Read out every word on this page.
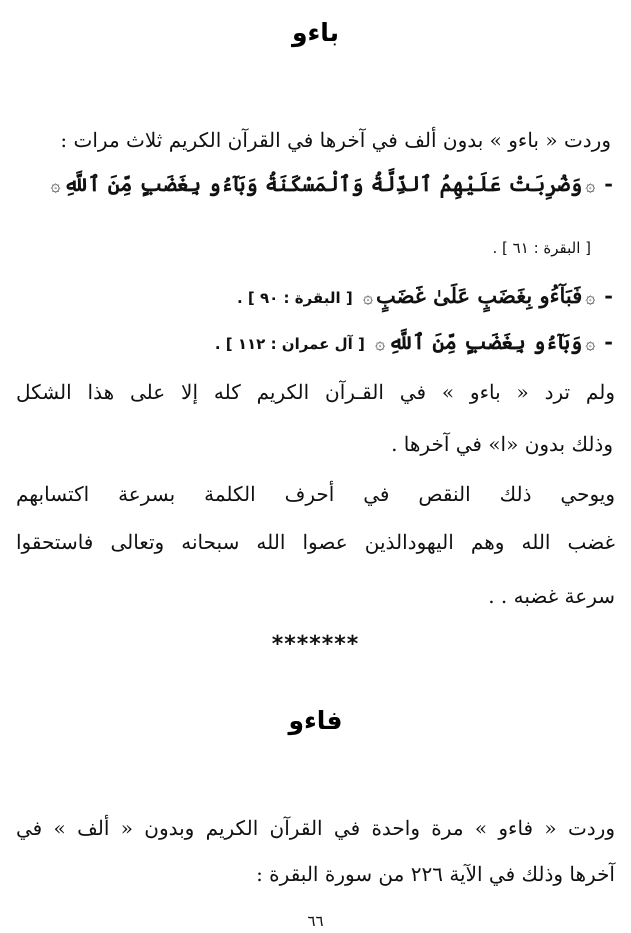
باءو
وردت « باءو » بدون ألف في آخرها في القرآن الكريم ثلاث مرات :
-۞وَضُرِبَتْ عَلَيْهِمُ ٱلذِّلَّةُ وَٱلْمَسْكَنَةُ وَبَآءُو بِغَضَبٍ مِّنَ ٱللَّهِ۞
[ البقرة : ٦١ ] .
-۞فَبَآءُو بِغَضَبٍ عَلَىٰ غَضَبٍ۞ [ البقرة : ٩٠ ] .
-۞وَبَآءُو بِغَضَبٍ مِّنَ ٱللَّهِ۞ [ آل عمران : ١١٢ ] .
ولم ترد « باءو » في القـرآن الكريم كله إلا على هذا الشكل
وذلك بدون «ا» في آخرها .
ويوحي ذلك النقص في أحرف الكلمة بسرعة اكتسابهم
غضب الله وهم اليهودالذين عصوا الله سبحانه وتعالى فاستحقوا
سرعة غضبه . .
*******
فاءو
وردت « فاءو » مرة واحدة في القرآن الكريم وبدون « ألف » في
آخرها وذلك في الآية ٢٢٦ من سورة البقرة :
٦٦
